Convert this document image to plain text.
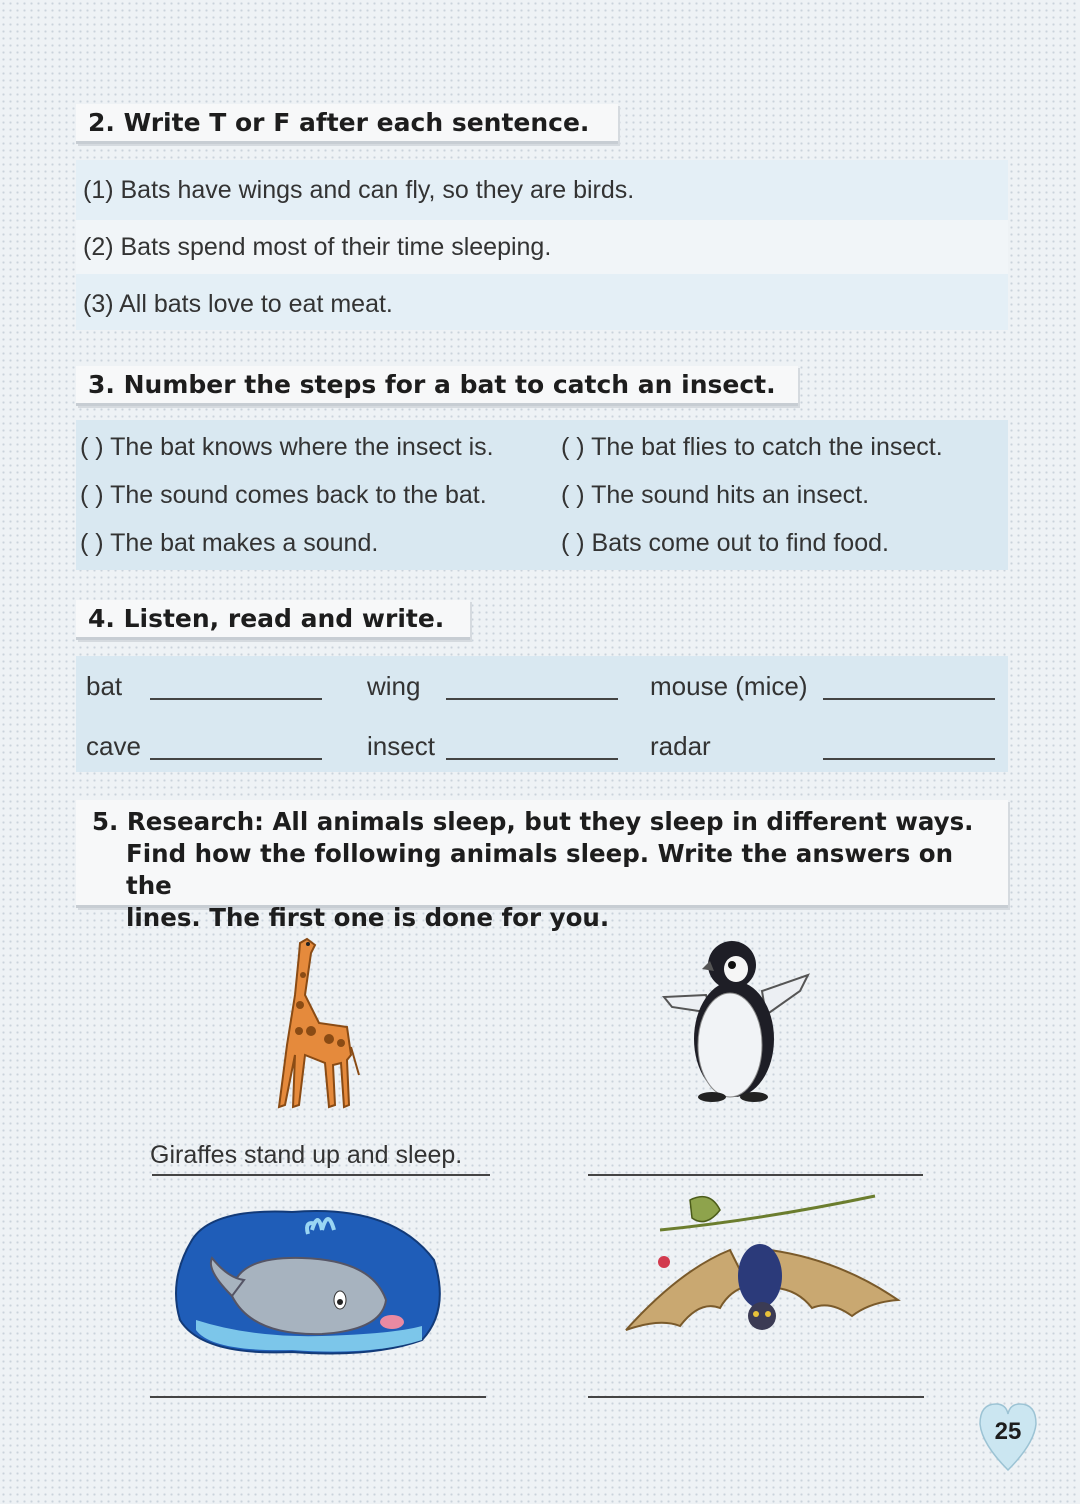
2. Write T or F after each sentence.
(1) Bats have wings and can fly, so they are birds.
(2) Bats spend most of their time sleeping.
(3) All bats love to eat meat.
3. Number the steps for a bat to catch an insect.
( ) The bat knows where the insect is.
( ) The sound comes back to the bat.
( ) The bat makes a sound.
( ) The bat flies to catch the insect.
( ) The sound hits an insect.
( ) Bats come out to find food.
4. Listen, read and write.
bat	wing	mouse (mice)
cave	insect	radar
5. Research: All animals sleep, but they sleep in different ways.
Find how the following animals sleep. Write the answers on the
lines. The first one is done for you.
Giraffes stand up and sleep.
25
